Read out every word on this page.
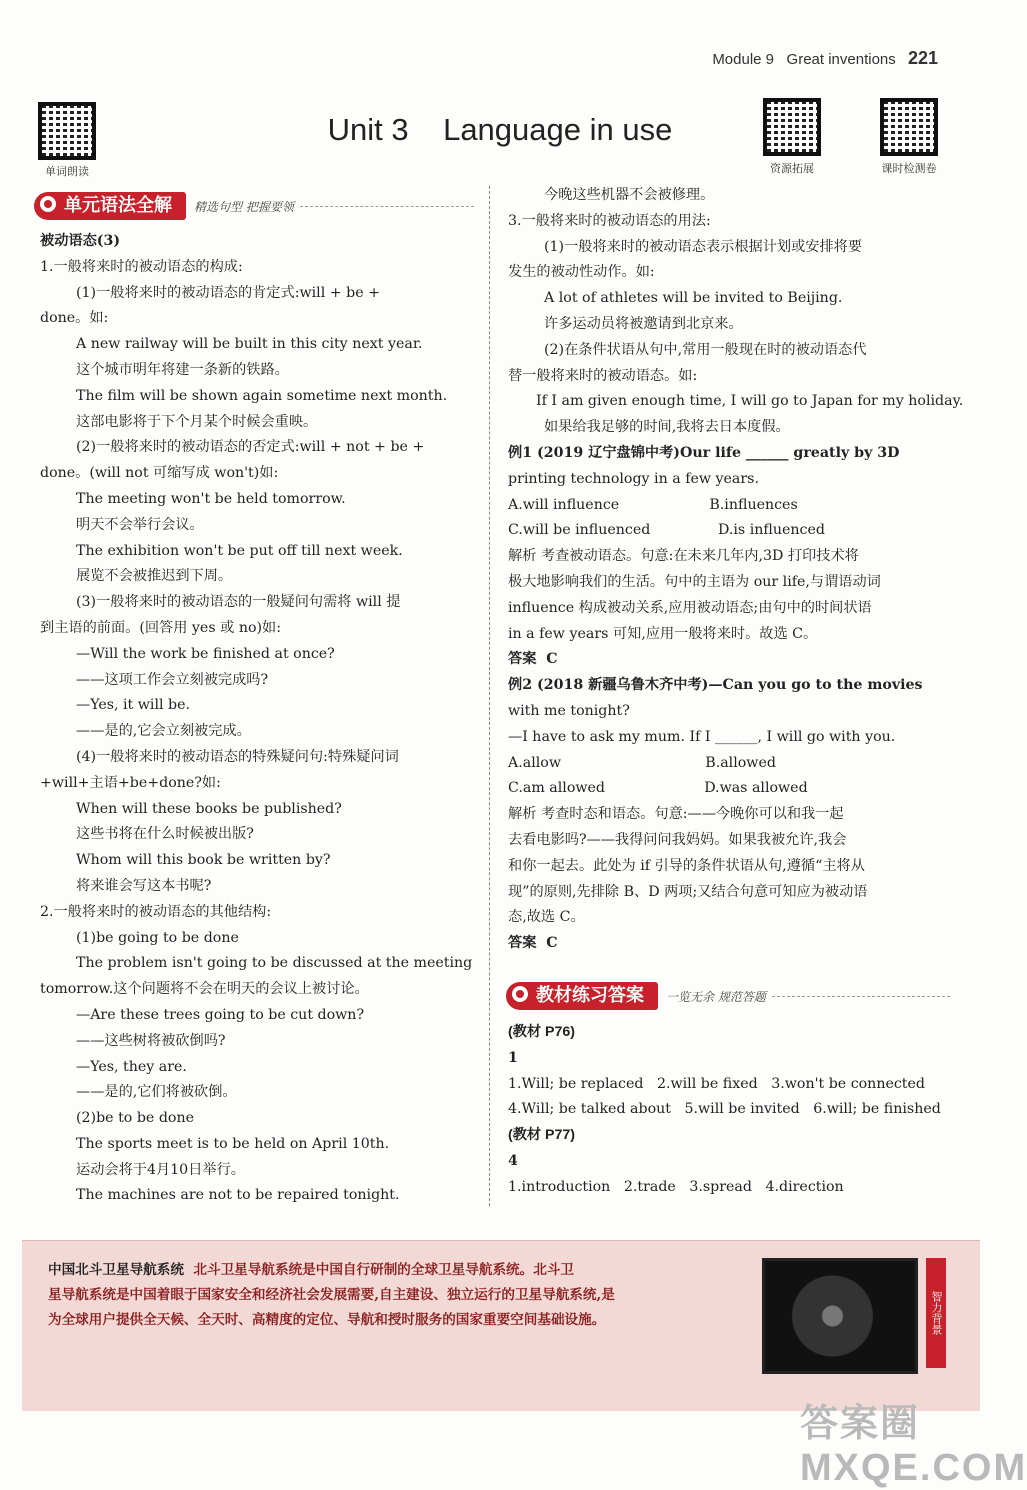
Module 9 Great inventions 221
Unit 3    Language in use
单词朗读	资源拓展	课时检测卷
单元语法全解	精选句型 把握要领

被动语态(3)

1.一般将来时的被动语态的构成:

(1)一般将来时的被动语态的肯定式:will + be +

done。如:

A new railway will be built in this city next year.

这个城市明年将建一条新的铁路。

The film will be shown again sometime next month.

这部电影将于下个月某个时候会重映。

(2)一般将来时的被动语态的否定式:will + not + be +

done。(will not 可缩写成 won't)如:

The meeting won't be held tomorrow.

明天不会举行会议。

The exhibition won't be put off till next week.

展览不会被推迟到下周。

(3)一般将来时的被动语态的一般疑问句需将 will 提

到主语的前面。(回答用 yes 或 no)如:

—Will the work be finished at once?

——这项工作会立刻被完成吗?

—Yes, it will be.

——是的,它会立刻被完成。

(4)一般将来时的被动语态的特殊疑问句:特殊疑问词

+will+主语+be+done?如:

When will these books be published?

这些书将在什么时候被出版?

Whom will this book be written by?

将来谁会写这本书呢?

2.一般将来时的被动语态的其他结构:

(1)be going to be done

The problem isn't going to be discussed at the meeting

tomorrow.这个问题将不会在明天的会议上被讨论。

—Are these trees going to be cut down?

——这些树将被砍倒吗?

—Yes, they are.

——是的,它们将被砍倒。

(2)be to be done

The sports meet is to be held on April 10th.

运动会将于4月10日举行。

The machines are not to be repaired tonight.

今晚这些机器不会被修理。

3.一般将来时的被动语态的用法:

(1)一般将来时的被动语态表示根据计划或安排将要

发生的被动性动作。如:

A lot of athletes will be invited to Beijing.

许多运动员将被邀请到北京来。

(2)在条件状语从句中,常用一般现在时的被动语态代

替一般将来时的被动语态。如:

If I am given enough time, I will go to Japan for my holiday.

如果给我足够的时间,我将去日本度假。

例1 (2019 辽宁盘锦中考)Our life ______ greatly by 3D

printing technology in a few years.

A.will influence                    B.influences

C.will be influenced               D.is influenced

解析 考查被动语态。句意:在未来几年内,3D 打印技术将

极大地影响我们的生活。句中的主语为 our life,与谓语动词

influence 构成被动关系,应用被动语态;由句中的时间状语

in a few years 可知,应用一般将来时。故选 C。

答案  C

例2 (2018 新疆乌鲁木齐中考)—Can you go to the movies

with me tonight?

—I have to ask my mum. If I ______, I will go with you.

A.allow                                B.allowed

C.am allowed                      D.was allowed

解析 考查时态和语态。句意:——今晚你可以和我一起

去看电影吗?——我得问问我妈妈。如果我被允许,我会

和你一起去。此处为 if 引导的条件状语从句,遵循“主将从

现”的原则,先排除 B、D 两项;又结合句意可知应为被动语

态,故选 C。

答案  C

教材练习答案	一览无余 规范答题

(教材 P76)

1

1.Will; be replaced   2.will be fixed   3.won't be connected

4.Will; be talked about   5.will be invited   6.will; be finished

(教材 P77)

4

1.introduction   2.trade   3.spread   4.direction

中国北斗卫星导航系统 北斗卫星导航系统是中国自行研制的全球卫星导航系统。北斗卫
星导航系统是中国着眼于国家安全和经济社会发展需要,自主建设、独立运行的卫星导航系统,是
为全球用户提供全天候、全天时、高精度的定位、导航和授时服务的国家重要空间基础设施。	智力背景
答案圈 MXQE.COM
